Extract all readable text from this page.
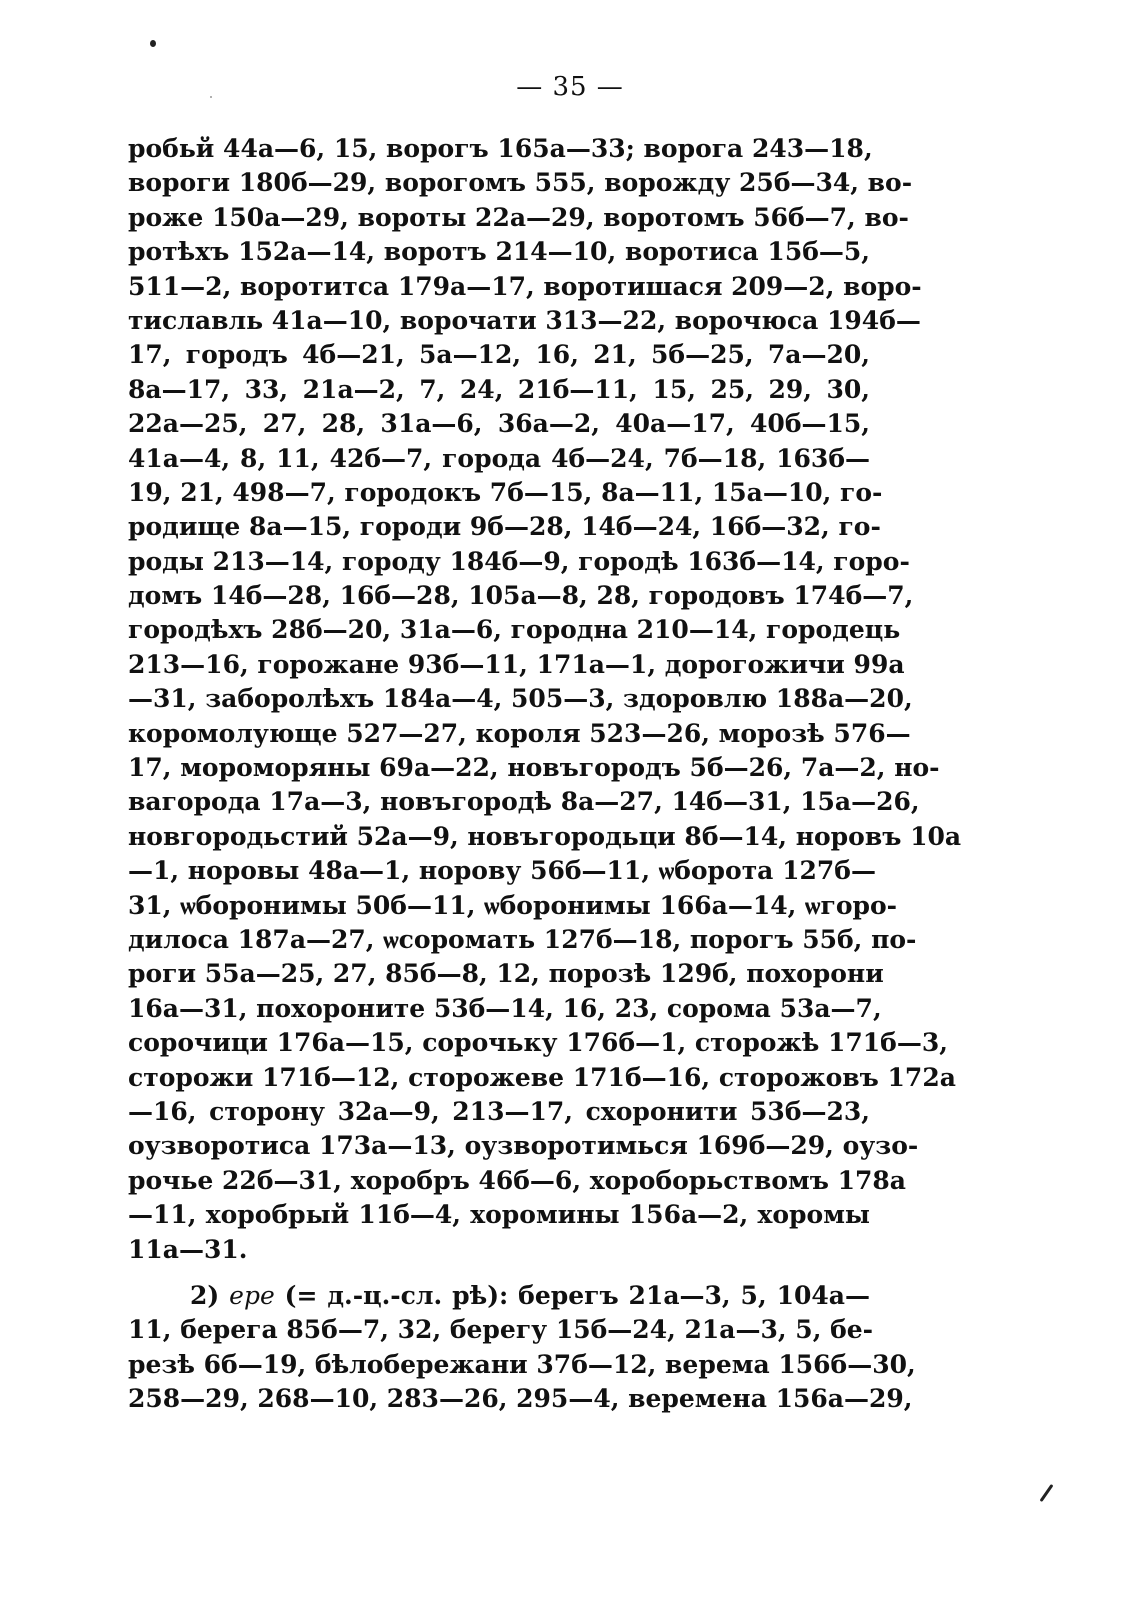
— 35 —
робьй 44а—6, 15, ворогъ 165а—33; ворога 243—18,
вороги 180б—29, ворогомъ 555, ворожду 25б—34, во-
роже 150а—29, вороты 22а—29, воротомъ 56б—7, во-
ротѣхъ 152а—14, воротъ 214—10, воротиса 15б—5,
511—2, воротитса 179а—17, воротишася 209—2, воро-
тиславль 41а—10, ворочати 313—22, ворочюса 194б—
17, городъ 4б—21, 5а—12, 16, 21, 5б—25, 7а—20,
8а—17, 33, 21а—2, 7, 24, 21б—11, 15, 25, 29, 30,
22а—25, 27, 28, 31а—6, 36а—2, 40а—17, 40б—15,
41а—4, 8, 11, 42б—7, города 4б—24, 7б—18, 163б—
19, 21, 498—7, городокъ 7б—15, 8а—11, 15а—10, го-
родище 8а—15, городи 9б—28, 14б—24, 16б—32, го-
роды 213—14, городу 184б—9, городѣ 163б—14, горо-
домъ 14б—28, 16б—28, 105а—8, 28, городовъ 174б—7,
городѣхъ 28б—20, 31а—6, городна 210—14, городець
213—16, горожане 93б—11, 171а—1, дорогожичи 99а
—31, заборолѣхъ 184а—4, 505—3, здоровлю 188а—20,
коромолующе 527—27, короля 523—26, морозѣ 576—
17, мороморяны 69а—22, новъгородъ 5б—26, 7а—2, но-
вагорода 17а—3, новъгородѣ 8а—27, 14б—31, 15а—26,
новгородьстий 52а—9, новъгородьци 8б—14, норовъ 10а
—1, норовы 48а—1, норову 56б—11, ѡборота 127б—
31, ѡборонимы 50б—11, ѡборонимы 166а—14, ѡгоро-
дилоса 187а—27, ѡсоромать 127б—18, порогъ 55б, по-
роги 55а—25, 27, 85б—8, 12, порозѣ 129б, похорони
16а—31, похороните 53б—14, 16, 23, сорома 53а—7,
сорочици 176а—15, сорочьку 176б—1, сторожѣ 171б—3,
сторожи 171б—12, сторожеве 171б—16, сторожовъ 172а
—16, сторону 32а—9, 213—17, схоронити 53б—23,
оузворотиса 173а—13, оузворотимься 169б—29, оузо-
рочье 22б—31, хоробръ 46б—6, хороборьствомъ 178а
—11, хоробрый 11б—4, хоромины 156а—2, хоромы
11а—31.
2) ере (= д.-ц.-сл. рѣ): берегъ 21а—3, 5, 104а—
11, берега 85б—7, 32, берегу 15б—24, 21а—3, 5, бе-
резѣ 6б—19, бѣлобережани 37б—12, верема 156б—30,
258—29, 268—10, 283—26, 295—4, веремена 156а—29,
